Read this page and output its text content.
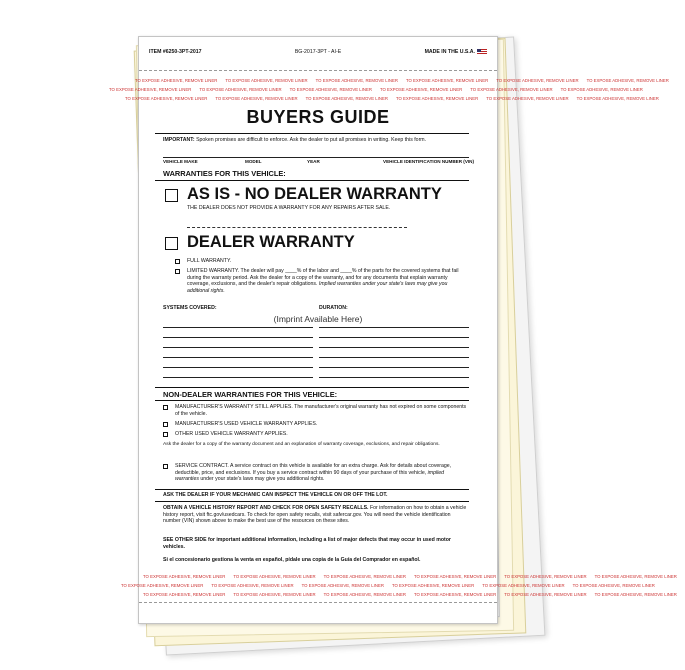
ITEM #6250-3PT-2017	BG-2017-3PT - AI-E	MADE IN THE U.S.A.
TO EXPOSE ADHESIVE, REMOVE LINER TO EXPOSE ADHESIVE, REMOVE LINER TO EXPOSE ADHESIVE, REMOVE LINER TO EXPOSE ADHESIVE, REMOVE LINER TO EXPOSE ADHESIVE, REMOVE LINER TO EXPOSE ADHESIVE, REMOVE LINER
TO EXPOSE ADHESIVE, REMOVE LINER TO EXPOSE ADHESIVE, REMOVE LINER TO EXPOSE ADHESIVE, REMOVE LINER TO EXPOSE ADHESIVE, REMOVE LINER TO EXPOSE ADHESIVE, REMOVE LINER TO EXPOSE ADHESIVE, REMOVE LINER
TO EXPOSE ADHESIVE, REMOVE LINER TO EXPOSE ADHESIVE, REMOVE LINER TO EXPOSE ADHESIVE, REMOVE LINER TO EXPOSE ADHESIVE, REMOVE LINER TO EXPOSE ADHESIVE, REMOVE LINER TO EXPOSE ADHESIVE, REMOVE LINER
BUYERS GUIDE
IMPORTANT: Spoken promises are difficult to enforce. Ask the dealer to put all promises in writing. Keep this form.
VEHICLE MAKE	MODEL	YEAR	VEHICLE IDENTIFICATION NUMBER (VIN)
WARRANTIES FOR THIS VEHICLE:
AS IS - NO DEALER WARRANTY
THE DEALER DOES NOT PROVIDE A WARRANTY FOR ANY REPAIRS AFTER SALE.
DEALER WARRANTY
FULL WARRANTY.
LIMITED WARRANTY. The dealer will pay ____% of the labor and ____% of the parts for the covered systems that fail during the warranty period. Ask the dealer for a copy of the warranty, and for any documents that explain warranty coverage, exclusions, and the dealer's repair obligations. Implied warranties under your state's laws may give you additional rights.
SYSTEMS COVERED:	DURATION:
(Imprint Available Here)
NON-DEALER WARRANTIES FOR THIS VEHICLE:
MANUFACTURER'S WARRANTY STILL APPLIES. The manufacturer's original warranty has not expired on some components of the vehicle.
MANUFACTURER'S USED VEHICLE WARRANTY APPLIES.
OTHER USED VEHICLE WARRANTY APPLIES.
Ask the dealer for a copy of the warranty document and an explanation of warranty coverage, exclusions, and repair obligations.
SERVICE CONTRACT. A service contract on this vehicle is available for an extra charge. Ask for details about coverage, deductible, price, and exclusions. If you buy a service contract within 90 days of your purchase of this vehicle, implied warranties under your state's laws may give you additional rights.
ASK THE DEALER IF YOUR MECHANIC CAN INSPECT THE VEHICLE ON OR OFF THE LOT.
OBTAIN A VEHICLE HISTORY REPORT AND CHECK FOR OPEN SAFETY RECALLS. For information on how to obtain a vehicle history report, visit ftc.gov/usedcars. To check for open safety recalls, visit safercar.gov. You will need the vehicle identification number (VIN) shown above to make the best use of the resources on these sites.
SEE OTHER SIDE for important additional information, including a list of major defects that may occur in used motor vehicles.
Si el concesionario gestiona la venta en español, pídale una copia de la Guía del Comprador en español.
TO EXPOSE ADHESIVE, REMOVE LINER TO EXPOSE ADHESIVE, REMOVE LINER TO EXPOSE ADHESIVE, REMOVE LINER TO EXPOSE ADHESIVE, REMOVE LINER TO EXPOSE ADHESIVE, REMOVE LINER TO EXPOSE ADHESIVE, REMOVE LINER
TO EXPOSE ADHESIVE, REMOVE LINER TO EXPOSE ADHESIVE, REMOVE LINER TO EXPOSE ADHESIVE, REMOVE LINER TO EXPOSE ADHESIVE, REMOVE LINER TO EXPOSE ADHESIVE, REMOVE LINER TO EXPOSE ADHESIVE, REMOVE LINER
TO EXPOSE ADHESIVE, REMOVE LINER TO EXPOSE ADHESIVE, REMOVE LINER TO EXPOSE ADHESIVE, REMOVE LINER TO EXPOSE ADHESIVE, REMOVE LINER TO EXPOSE ADHESIVE, REMOVE LINER TO EXPOSE ADHESIVE, REMOVE LINER
